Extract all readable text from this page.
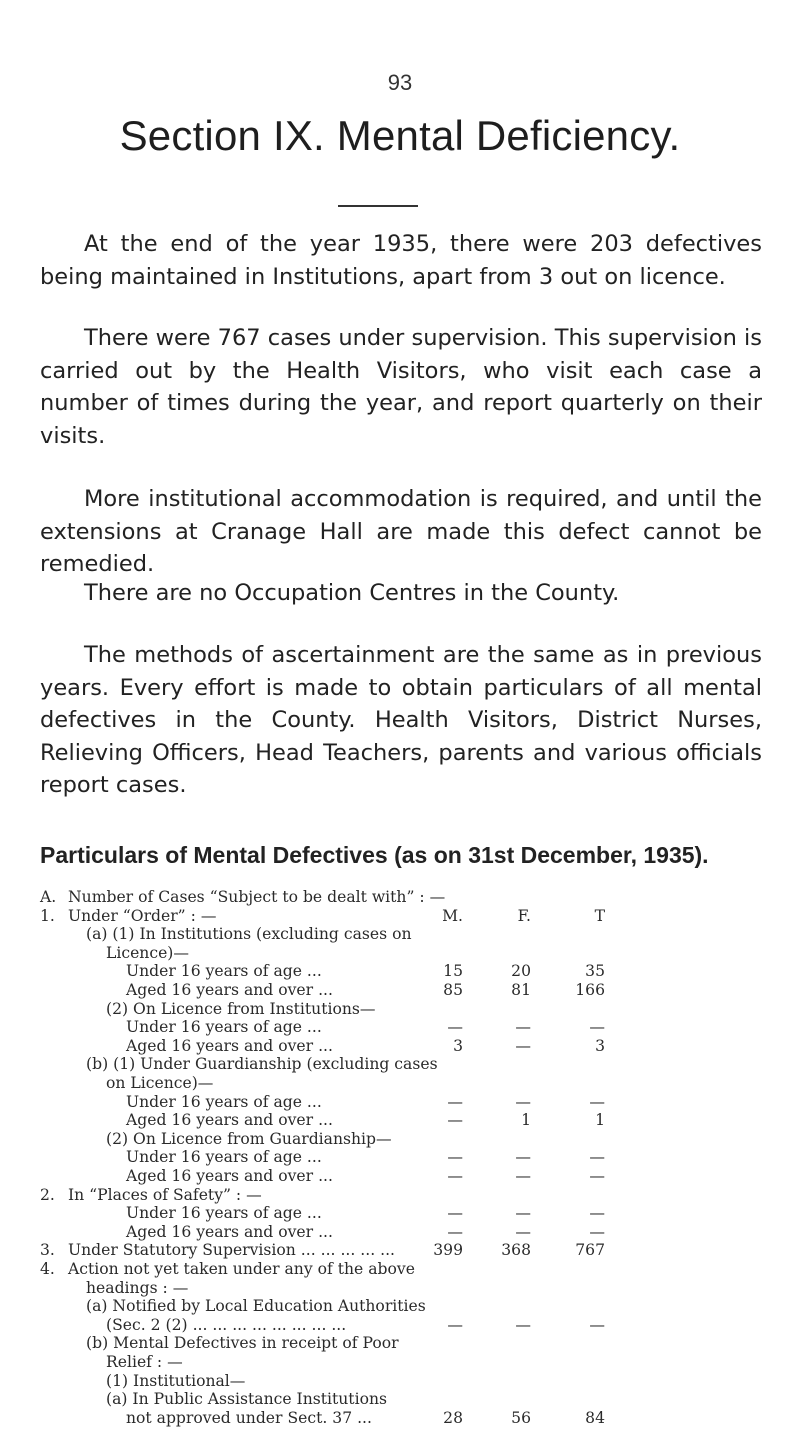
93
Section IX. Mental Deficiency.

At the end of the year 1935, there were 203 defectives being maintained in Institutions, apart from 3 out on licence.

There were 767 cases under supervision. This supervision is carried out by the Health Visitors, who visit each case a number of times during the year, and report quarterly on their visits.

More institutional accommodation is required, and until the extensions at Cranage Hall are made this defect cannot be remedied.

There are no Occupation Centres in the County.

The methods of ascertainment are the same as in previous years. Every effort is made to obtain particulars of all mental defectives in the County. Health Visitors, District Nurses, Relieving Officers, Head Teachers, parents and various officials report cases.

Particulars of Mental Defectives (as on 31st December, 1935).
A. Number of Cases “Subject to be dealt with” : —
1. Under “Order” : —	M.	F.	T
(a) (1) In Institutions (excluding cases on
Licence)—
Under 16 years of age ...	15	20	35
Aged 16 years and over ...	85	81	166
(2) On Licence from Institutions—
Under 16 years of age ...	—	—	—
Aged 16 years and over ...	3	—	3
(b) (1) Under Guardianship (excluding cases
on Licence)—
Under 16 years of age ...	—	—	—
Aged 16 years and over ...	—	1	1
(2) On Licence from Guardianship—
Under 16 years of age ...	—	—	—
Aged 16 years and over ...	—	—	—
2. In “Places of Safety” : —
Under 16 years of age ...	—	—	—
Aged 16 years and over ...	—	—	—
3. Under Statutory Supervision ... ... ... ... ... 399 368	767
4. Action not yet taken under any of the above
headings : —
(a) Notified by Local Education Authorities
(Sec. 2 (2) ... ... ... ... ... ... ... ...	—	—	—
(b) Mental Defectives in receipt of Poor
Relief : —
(1) Institutional—
(a) In Public Assistance Institutions
not approved under Sect. 37 ...	28	56	84
